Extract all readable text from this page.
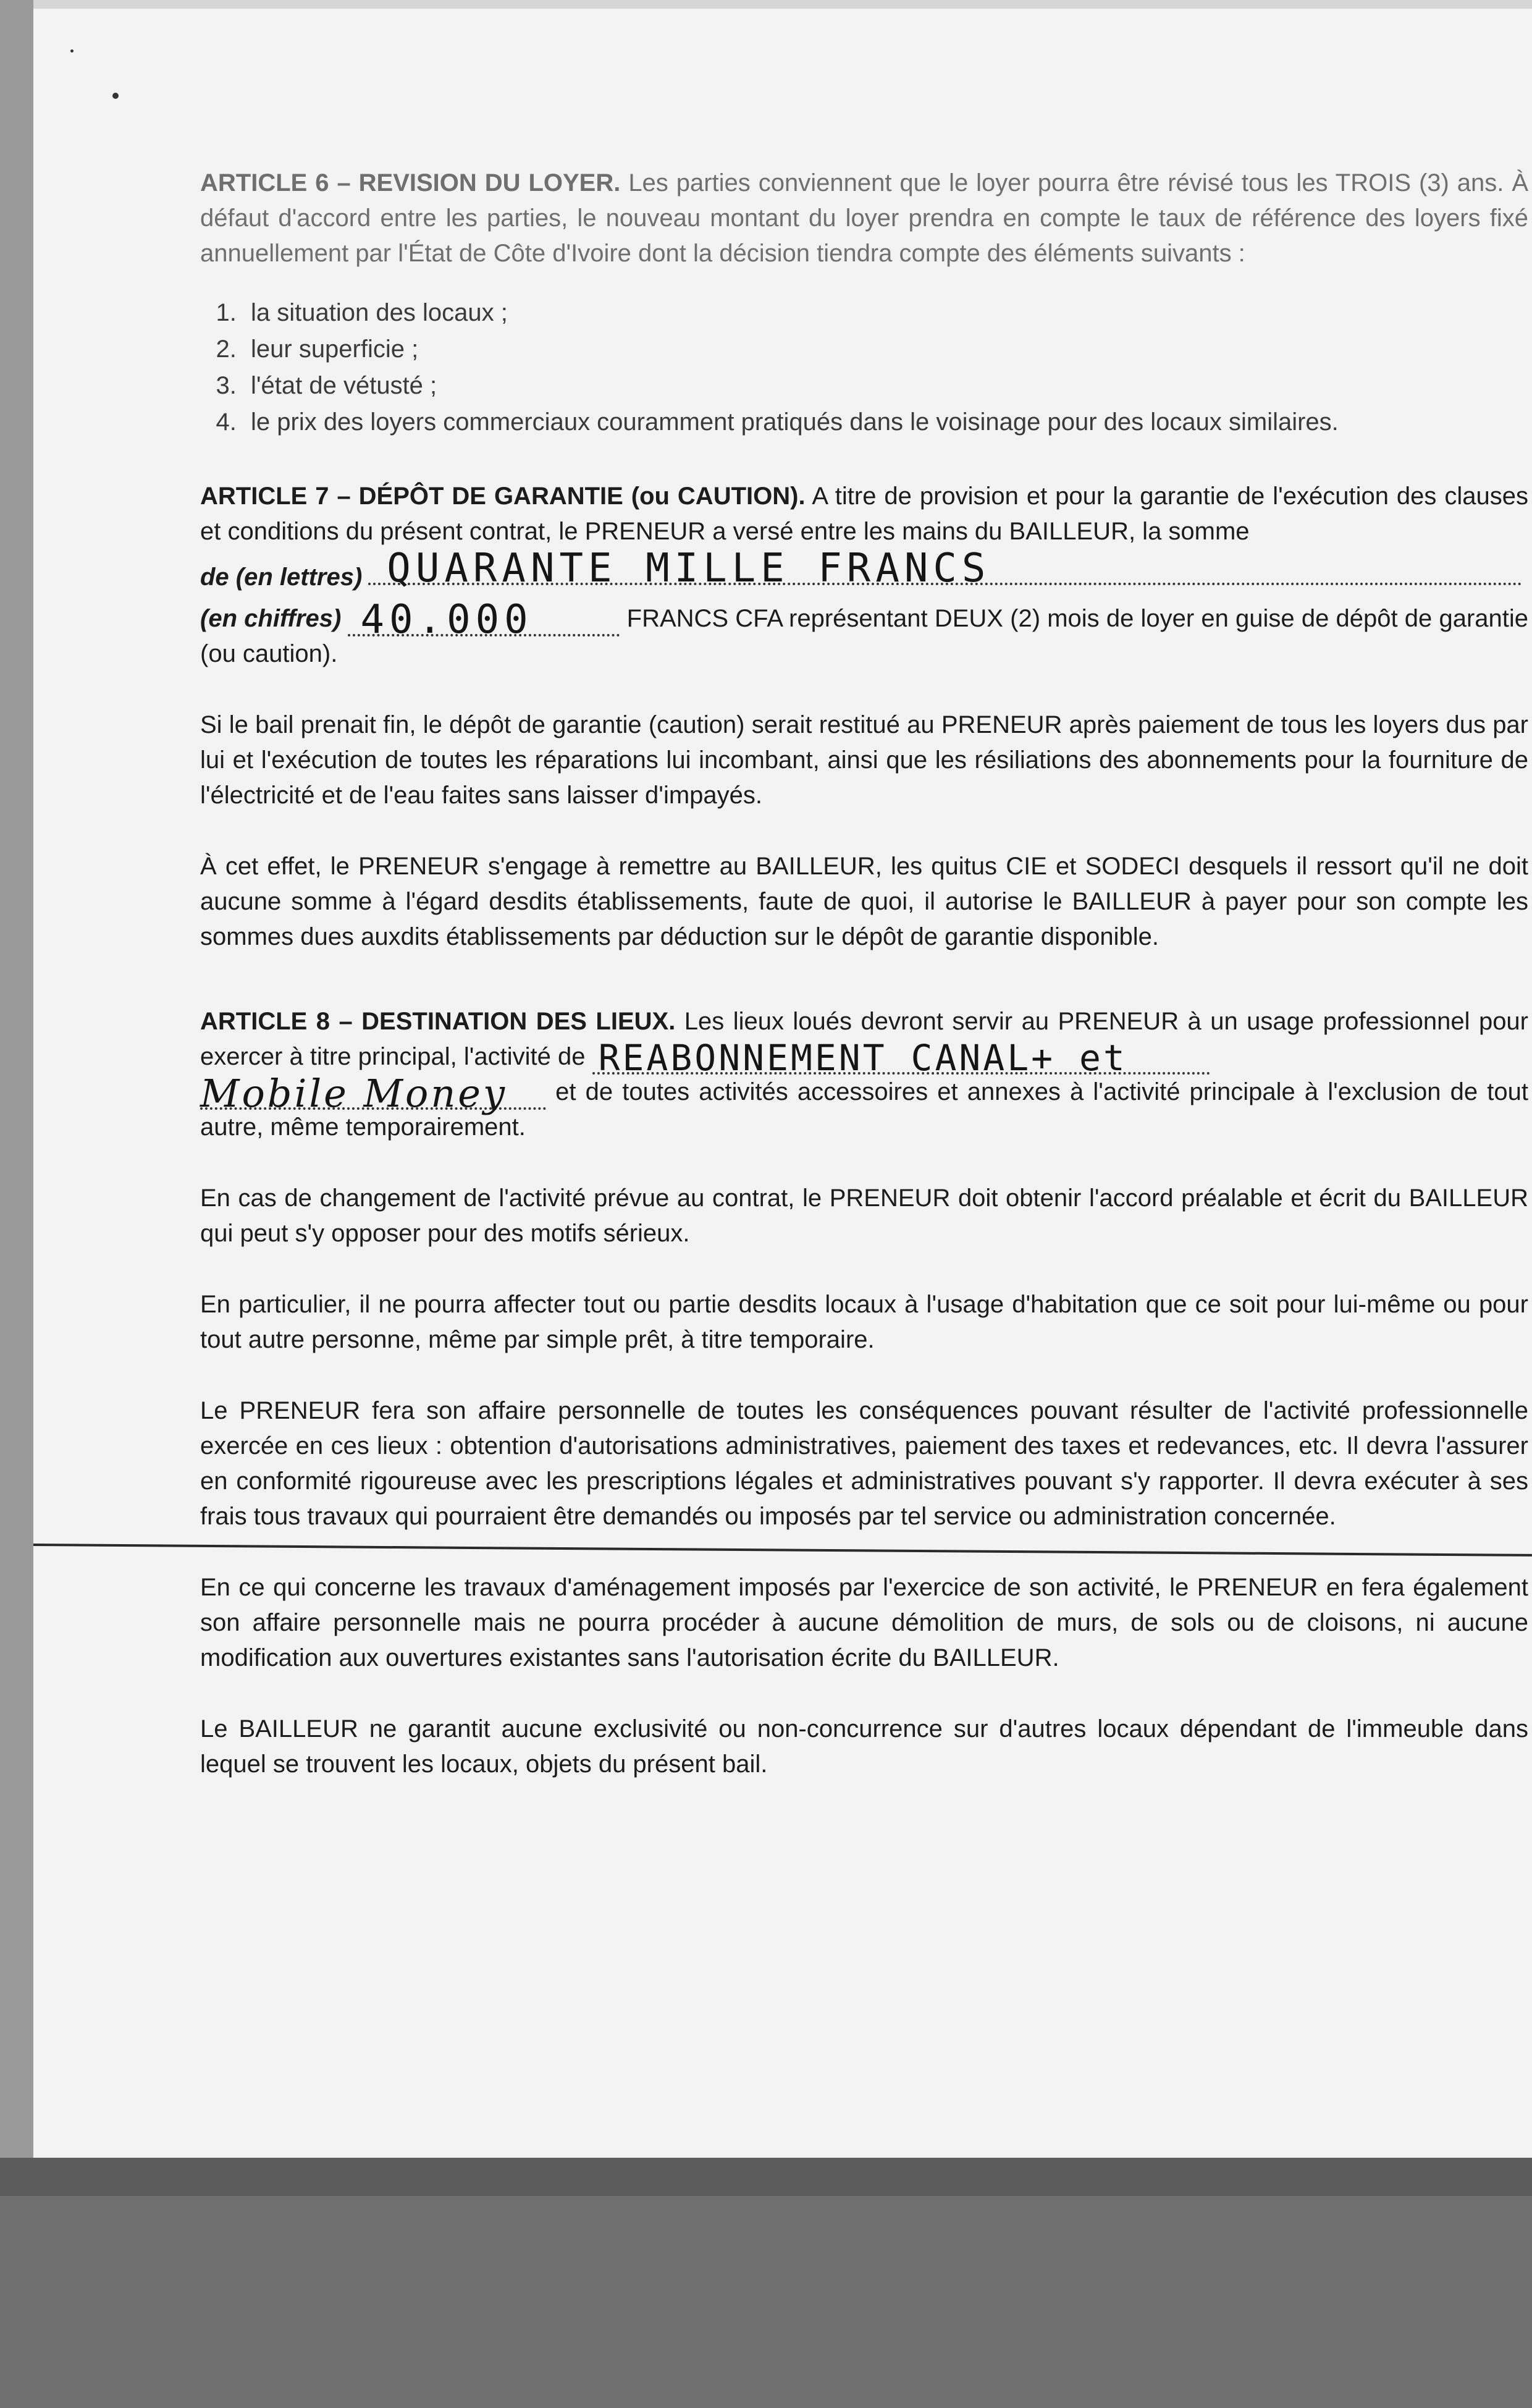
ARTICLE 6 – REVISION DU LOYER. Les parties conviennent que le loyer pourra être révisé tous les TROIS (3) ans. À défaut d'accord entre les parties, le nouveau montant du loyer prendra en compte le taux de référence des loyers fixé annuellement par l'État de Côte d'Ivoire dont la décision tiendra compte des éléments suivants :

1. la situation des locaux ;
2. leur superficie ;
3. l'état de vétusté ;
4. le prix des loyers commerciaux couramment pratiqués dans le voisinage pour des locaux similaires.

ARTICLE 7 – DÉPÔT DE GARANTIE (ou CAUTION). A titre de provision et pour la garantie de l'exécution des clauses et conditions du présent contrat, le PRENEUR a versé entre les mains du BAILLEUR, la somme

de (en lettres) QUARANTE MILLE FRANCS

(en chiffres) 40.000	FRANCS CFA représentant DEUX (2) mois de loyer en guise de dépôt de garantie (ou caution).

Si le bail prenait fin, le dépôt de garantie (caution) serait restitué au PRENEUR après paiement de tous les loyers dus par lui et l'exécution de toutes les réparations lui incombant, ainsi que les résiliations des abonnements pour la fourniture de l'électricité et de l'eau faites sans laisser d'impayés.

À cet effet, le PRENEUR s'engage à remettre au BAILLEUR, les quitus CIE et SODECI desquels il ressort qu'il ne doit aucune somme à l'égard desdits établissements, faute de quoi, il autorise le BAILLEUR à payer pour son compte les sommes dues auxdits établissements par déduction sur le dépôt de garantie disponible.

ARTICLE 8 – DESTINATION DES LIEUX. Les lieux loués devront servir au PRENEUR à un usage professionnel pour exercer à titre principal, l'activité de REABONNEMENT CANAL+ et

Mobile Money et de toutes activités accessoires et annexes à l'activité principale à l'exclusion de tout autre, même temporairement.

En cas de changement de l'activité prévue au contrat, le PRENEUR doit obtenir l'accord préalable et écrit du BAILLEUR qui peut s'y opposer pour des motifs sérieux.

En particulier, il ne pourra affecter tout ou partie desdits locaux à l'usage d'habitation que ce soit pour lui-même ou pour tout autre personne, même par simple prêt, à titre temporaire.

Le PRENEUR fera son affaire personnelle de toutes les conséquences pouvant résulter de l'activité professionnelle exercée en ces lieux : obtention d'autorisations administratives, paiement des taxes et redevances, etc. Il devra l'assurer en conformité rigoureuse avec les prescriptions légales et administratives pouvant s'y rapporter. Il devra exécuter à ses frais tous travaux qui pourraient être demandés ou imposés par tel service ou administration concernée.

En ce qui concerne les travaux d'aménagement imposés par l'exercice de son activité, le PRENEUR en fera également son affaire personnelle mais ne pourra procéder à aucune démolition de murs, de sols ou de cloisons, ni aucune modification aux ouvertures existantes sans l'autorisation écrite du BAILLEUR.

Le BAILLEUR ne garantit aucune exclusivité ou non-concurrence sur d'autres locaux dépendant de l'immeuble dans lequel se trouvent les locaux, objets du présent bail.
